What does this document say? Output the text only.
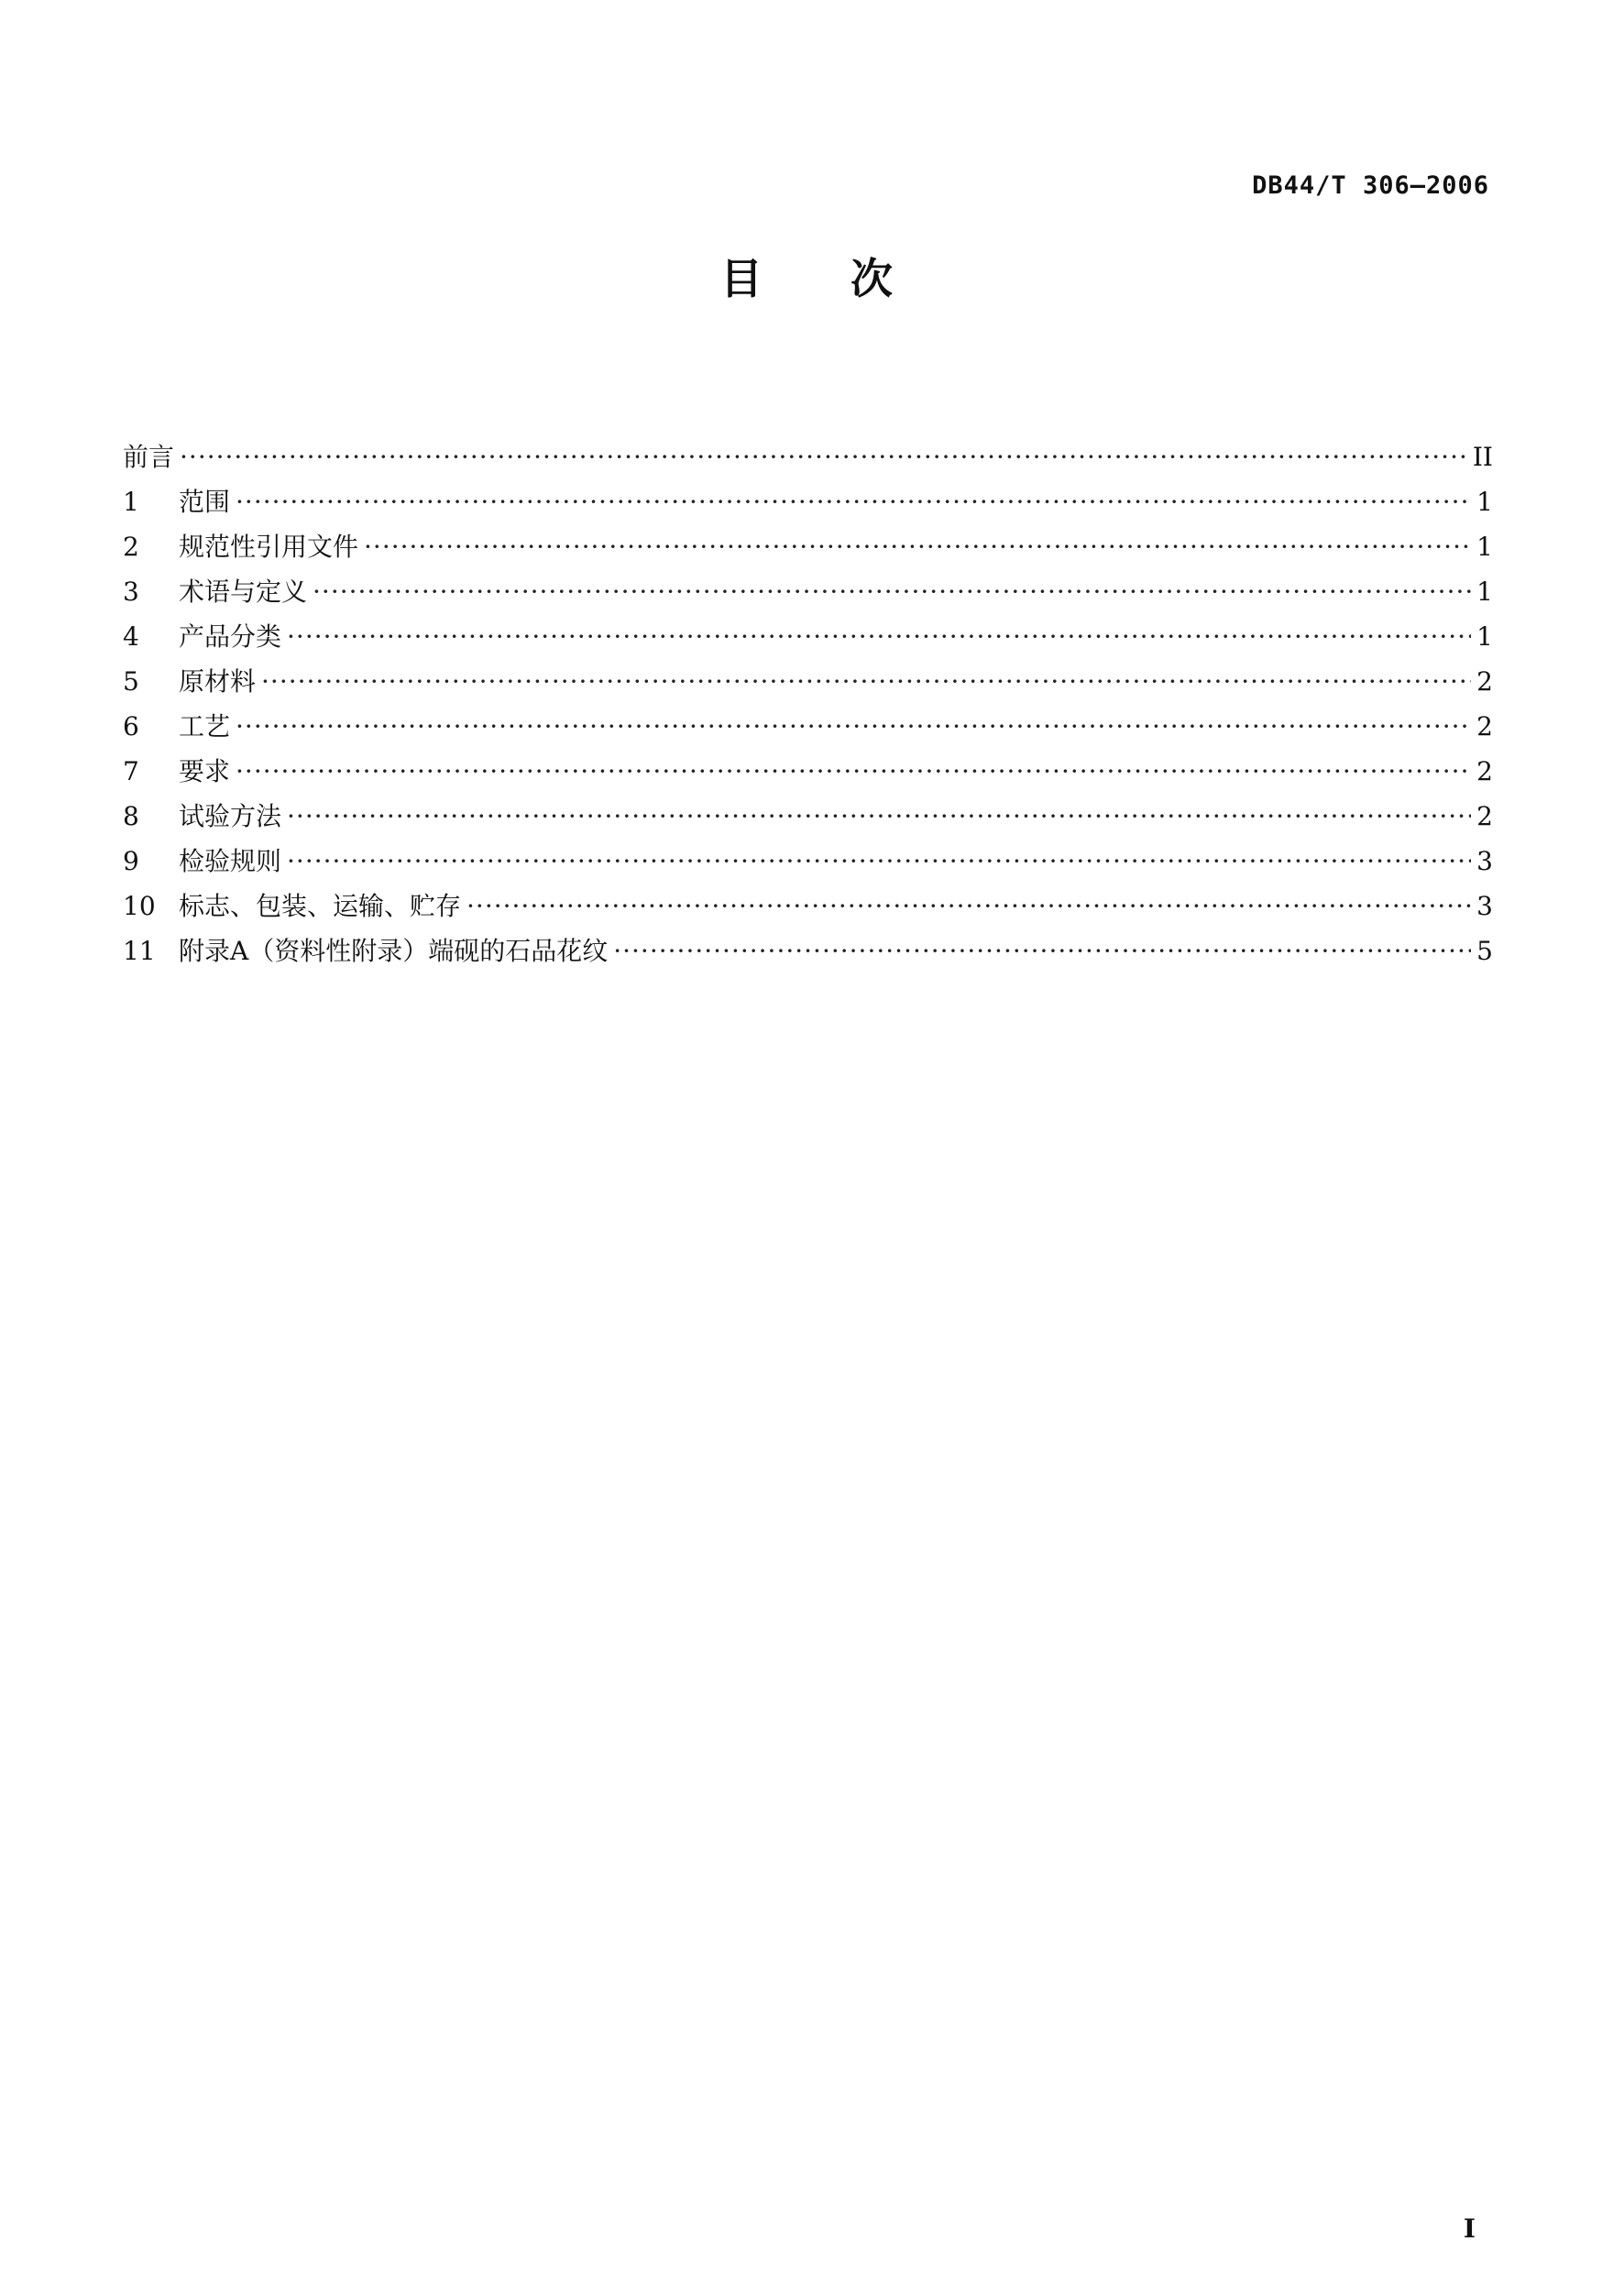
DB44/T 306—2006
目 次
前言 ·····	II
1	范围 ·····	1
2	规范性引用文件 ·····	1
3	术语与定义 ·····	1
4	产品分类 ·····	1
5	原材料 ·····	2
6	工艺 ·····	2
7	要求 ·····	2
8	试验方法 ·····	2
9	检验规则 ·····	3
10 标志、包装、运输、贮存 ·····	3
11 附录A（资料性附录）端砚的石品花纹 ·····	5
I
